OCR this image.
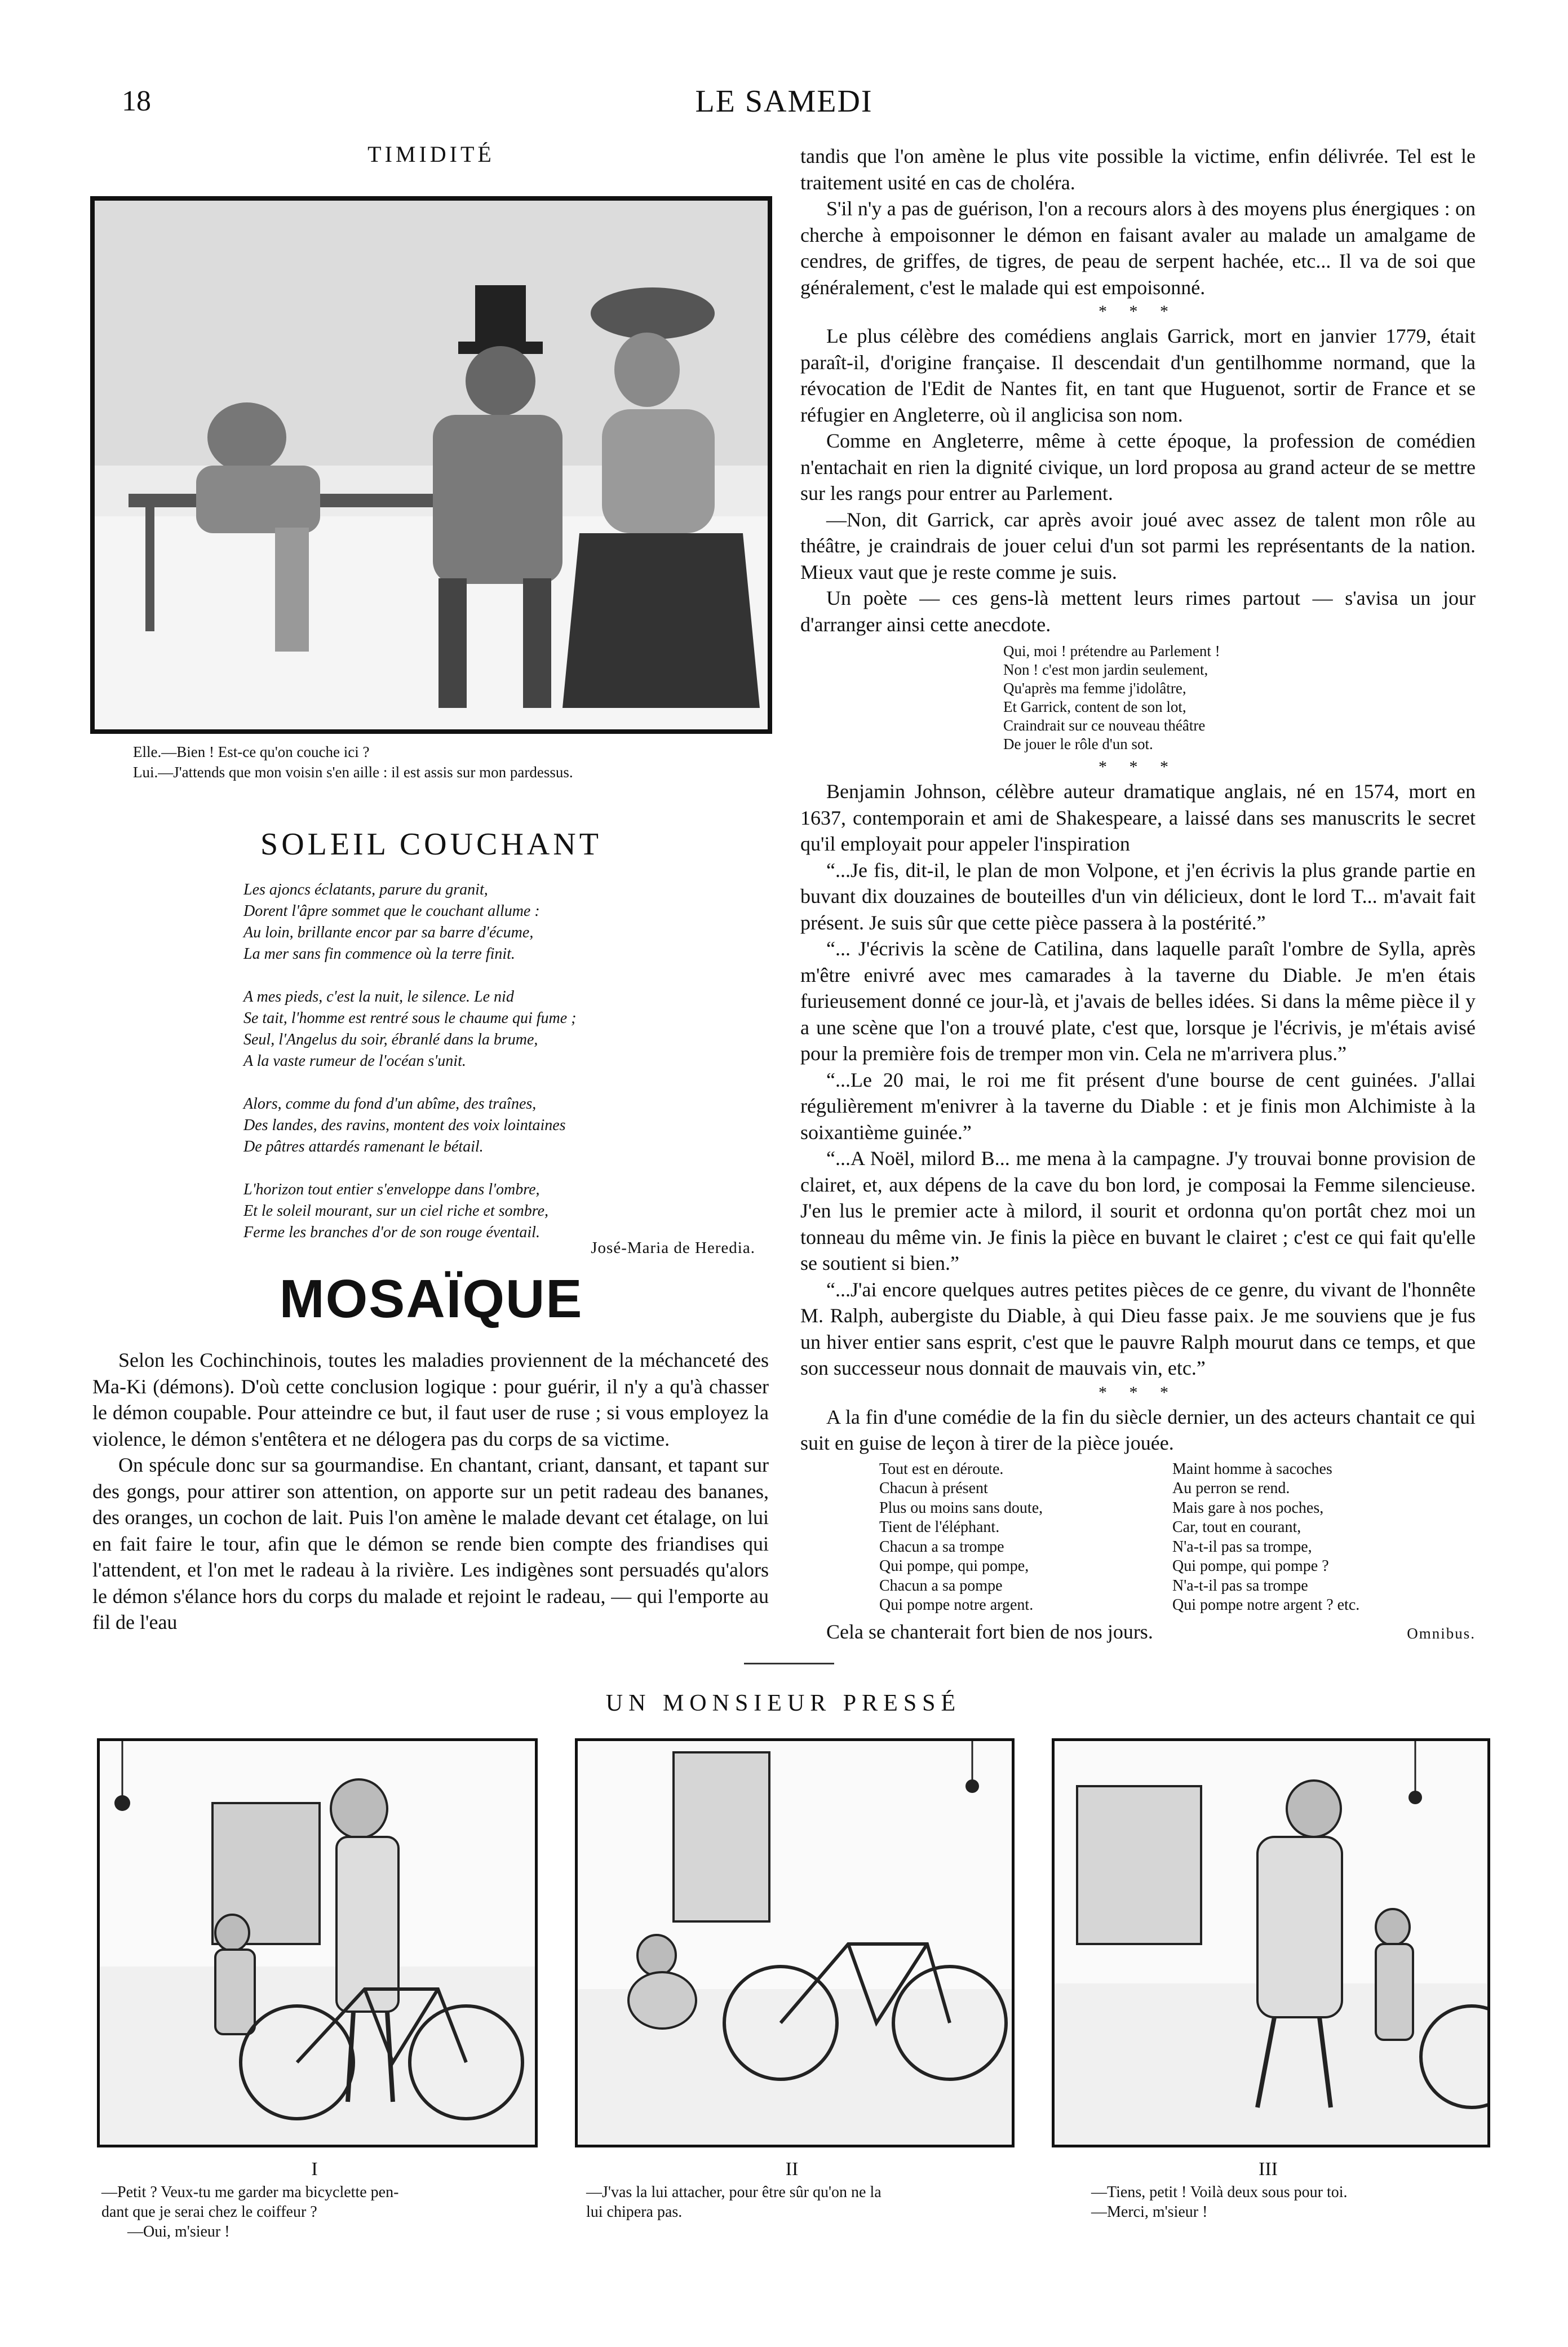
18	LE SAMEDI
TIMIDITÉ
Elle.—Bien ! Est-ce qu'on couche ici ?
Lui.—J'attends que mon voisin s'en aille : il est assis sur mon pardessus.
SOLEIL COUCHANT
Les ajoncs éclatants, parure du granit,
Dorent l'âpre sommet que le couchant allume :
Au loin, brillante encor par sa barre d'écume,
La mer sans fin commence où la terre finit.
A mes pieds, c'est la nuit, le silence. Le nid
Se tait, l'homme est rentré sous le chaume qui fume ;
Seul, l'Angelus du soir, ébranlé dans la brume,
A la vaste rumeur de l'océan s'unit.
Alors, comme du fond d'un abîme, des traînes,
Des landes, des ravins, montent des voix lointaines
De pâtres attardés ramenant le bétail.
L'horizon tout entier s'enveloppe dans l'ombre,
Et le soleil mourant, sur un ciel riche et sombre,
Ferme les branches d'or de son rouge éventail.
José-Maria de Heredia.
MOSAÏQUE

Selon les Cochinchinois, toutes les maladies proviennent de la méchanceté des Ma-Ki (démons). D'où cette conclusion logique : pour guérir, il n'y a qu'à chasser le démon coupable. Pour atteindre ce but, il faut user de ruse ; si vous employez la violence, le démon s'entêtera et ne délogera pas du corps de sa victime.

On spécule donc sur sa gourmandise. En chantant, criant, dansant, et tapant sur des gongs, pour attirer son attention, on apporte sur un petit radeau des bananes, des oranges, un cochon de lait. Puis l'on amène le malade devant cet étalage, on lui en fait faire le tour, afin que le démon se rende bien compte des friandises qui l'attendent, et l'on met le radeau à la rivière. Les indigènes sont persuadés qu'alors le démon s'élance hors du corps du malade et rejoint le radeau, — qui l'emporte au fil de l'eau

tandis que l'on amène le plus vite possible la victime, enfin délivrée. Tel est le traitement usité en cas de choléra.

S'il n'y a pas de guérison, l'on a recours alors à des moyens plus énergiques : on cherche à empoisonner le démon en faisant avaler au malade un amalgame de cendres, de griffes, de tigres, de peau de serpent hachée, etc... Il va de soi que généralement, c'est le malade qui est empoisonné.

* * *

Le plus célèbre des comédiens anglais Garrick, mort en janvier 1779, était paraît-il, d'origine française. Il descendait d'un gentilhomme normand, que la révocation de l'Edit de Nantes fit, en tant que Huguenot, sortir de France et se réfugier en Angleterre, où il anglicisa son nom.

Comme en Angleterre, même à cette époque, la profession de comédien n'entachait en rien la dignité civique, un lord proposa au grand acteur de se mettre sur les rangs pour entrer au Parlement.

—Non, dit Garrick, car après avoir joué avec assez de talent mon rôle au théâtre, je craindrais de jouer celui d'un sot parmi les représentants de la nation. Mieux vaut que je reste comme je suis.

Un poète — ces gens-là mettent leurs rimes partout — s'avisa un jour d'arranger ainsi cette anecdote.

Qui, moi ! prétendre au Parlement !
Non ! c'est mon jardin seulement,
Qu'après ma femme j'idolâtre,
Et Garrick, content de son lot,
Craindrait sur ce nouveau théâtre
De jouer le rôle d'un sot.
* * *

Benjamin Johnson, célèbre auteur dramatique anglais, né en 1574, mort en 1637, contemporain et ami de Shakespeare, a laissé dans ses manuscrits le secret qu'il employait pour appeler l'inspiration

“...Je fis, dit-il, le plan de mon Volpone, et j'en écrivis la plus grande partie en buvant dix douzaines de bouteilles d'un vin délicieux, dont le lord T... m'avait fait présent. Je suis sûr que cette pièce passera à la postérité.”

“... J'écrivis la scène de Catilina, dans laquelle paraît l'ombre de Sylla, après m'être enivré avec mes camarades à la taverne du Diable. Je m'en étais furieusement donné ce jour-là, et j'avais de belles idées. Si dans la même pièce il y a une scène que l'on a trouvé plate, c'est que, lorsque je l'écrivis, je m'étais avisé pour la première fois de tremper mon vin. Cela ne m'arrivera plus.”

“...Le 20 mai, le roi me fit présent d'une bourse de cent guinées. J'allai régulièrement m'enivrer à la taverne du Diable : et je finis mon Alchimiste à la soixantième guinée.”

“...A Noël, milord B... me mena à la campagne. J'y trouvai bonne provision de clairet, et, aux dépens de la cave du bon lord, je composai la Femme silencieuse. J'en lus le premier acte à milord, il sourit et ordonna qu'on portât chez moi un tonneau du même vin. Je finis la pièce en buvant le clairet ; c'est ce qui fait qu'elle se soutient si bien.”

“...J'ai encore quelques autres petites pièces de ce genre, du vivant de l'honnête M. Ralph, aubergiste du Diable, à qui Dieu fasse paix. Je me souviens que je fus un hiver entier sans esprit, c'est que le pauvre Ralph mourut dans ce temps, et que son successeur nous donnait de mauvais vin, etc.”

* * *

A la fin d'une comédie de la fin du siècle dernier, un des acteurs chantait ce qui suit en guise de leçon à tirer de la pièce jouée.

Tout est en déroute.
Chacun à présent
Plus ou moins sans doute,
Tient de l'éléphant.
Chacun a sa trompe
Qui pompe, qui pompe,
Chacun a sa pompe
Qui pompe notre argent.
Maint homme à sacoches
Au perron se rend.
Mais gare à nos poches,
Car, tout en courant,
N'a-t-il pas sa trompe,
Qui pompe, qui pompe ?
N'a-t-il pas sa trompe
Qui pompe notre argent ? etc.

Cela se chanterait fort bien de nos jours.	Omnibus.
UN MONSIEUR PRESSÉ
I	II	III
—Petit ? Veux-tu me garder ma bicyclette pen-
dant que je serai chez le coiffeur ?
—Oui, m'sieur !
—J'vas la lui attacher, pour être sûr qu'on ne la
lui chipera pas.
—Tiens, petit ! Voilà deux sous pour toi.
—Merci, m'sieur !
